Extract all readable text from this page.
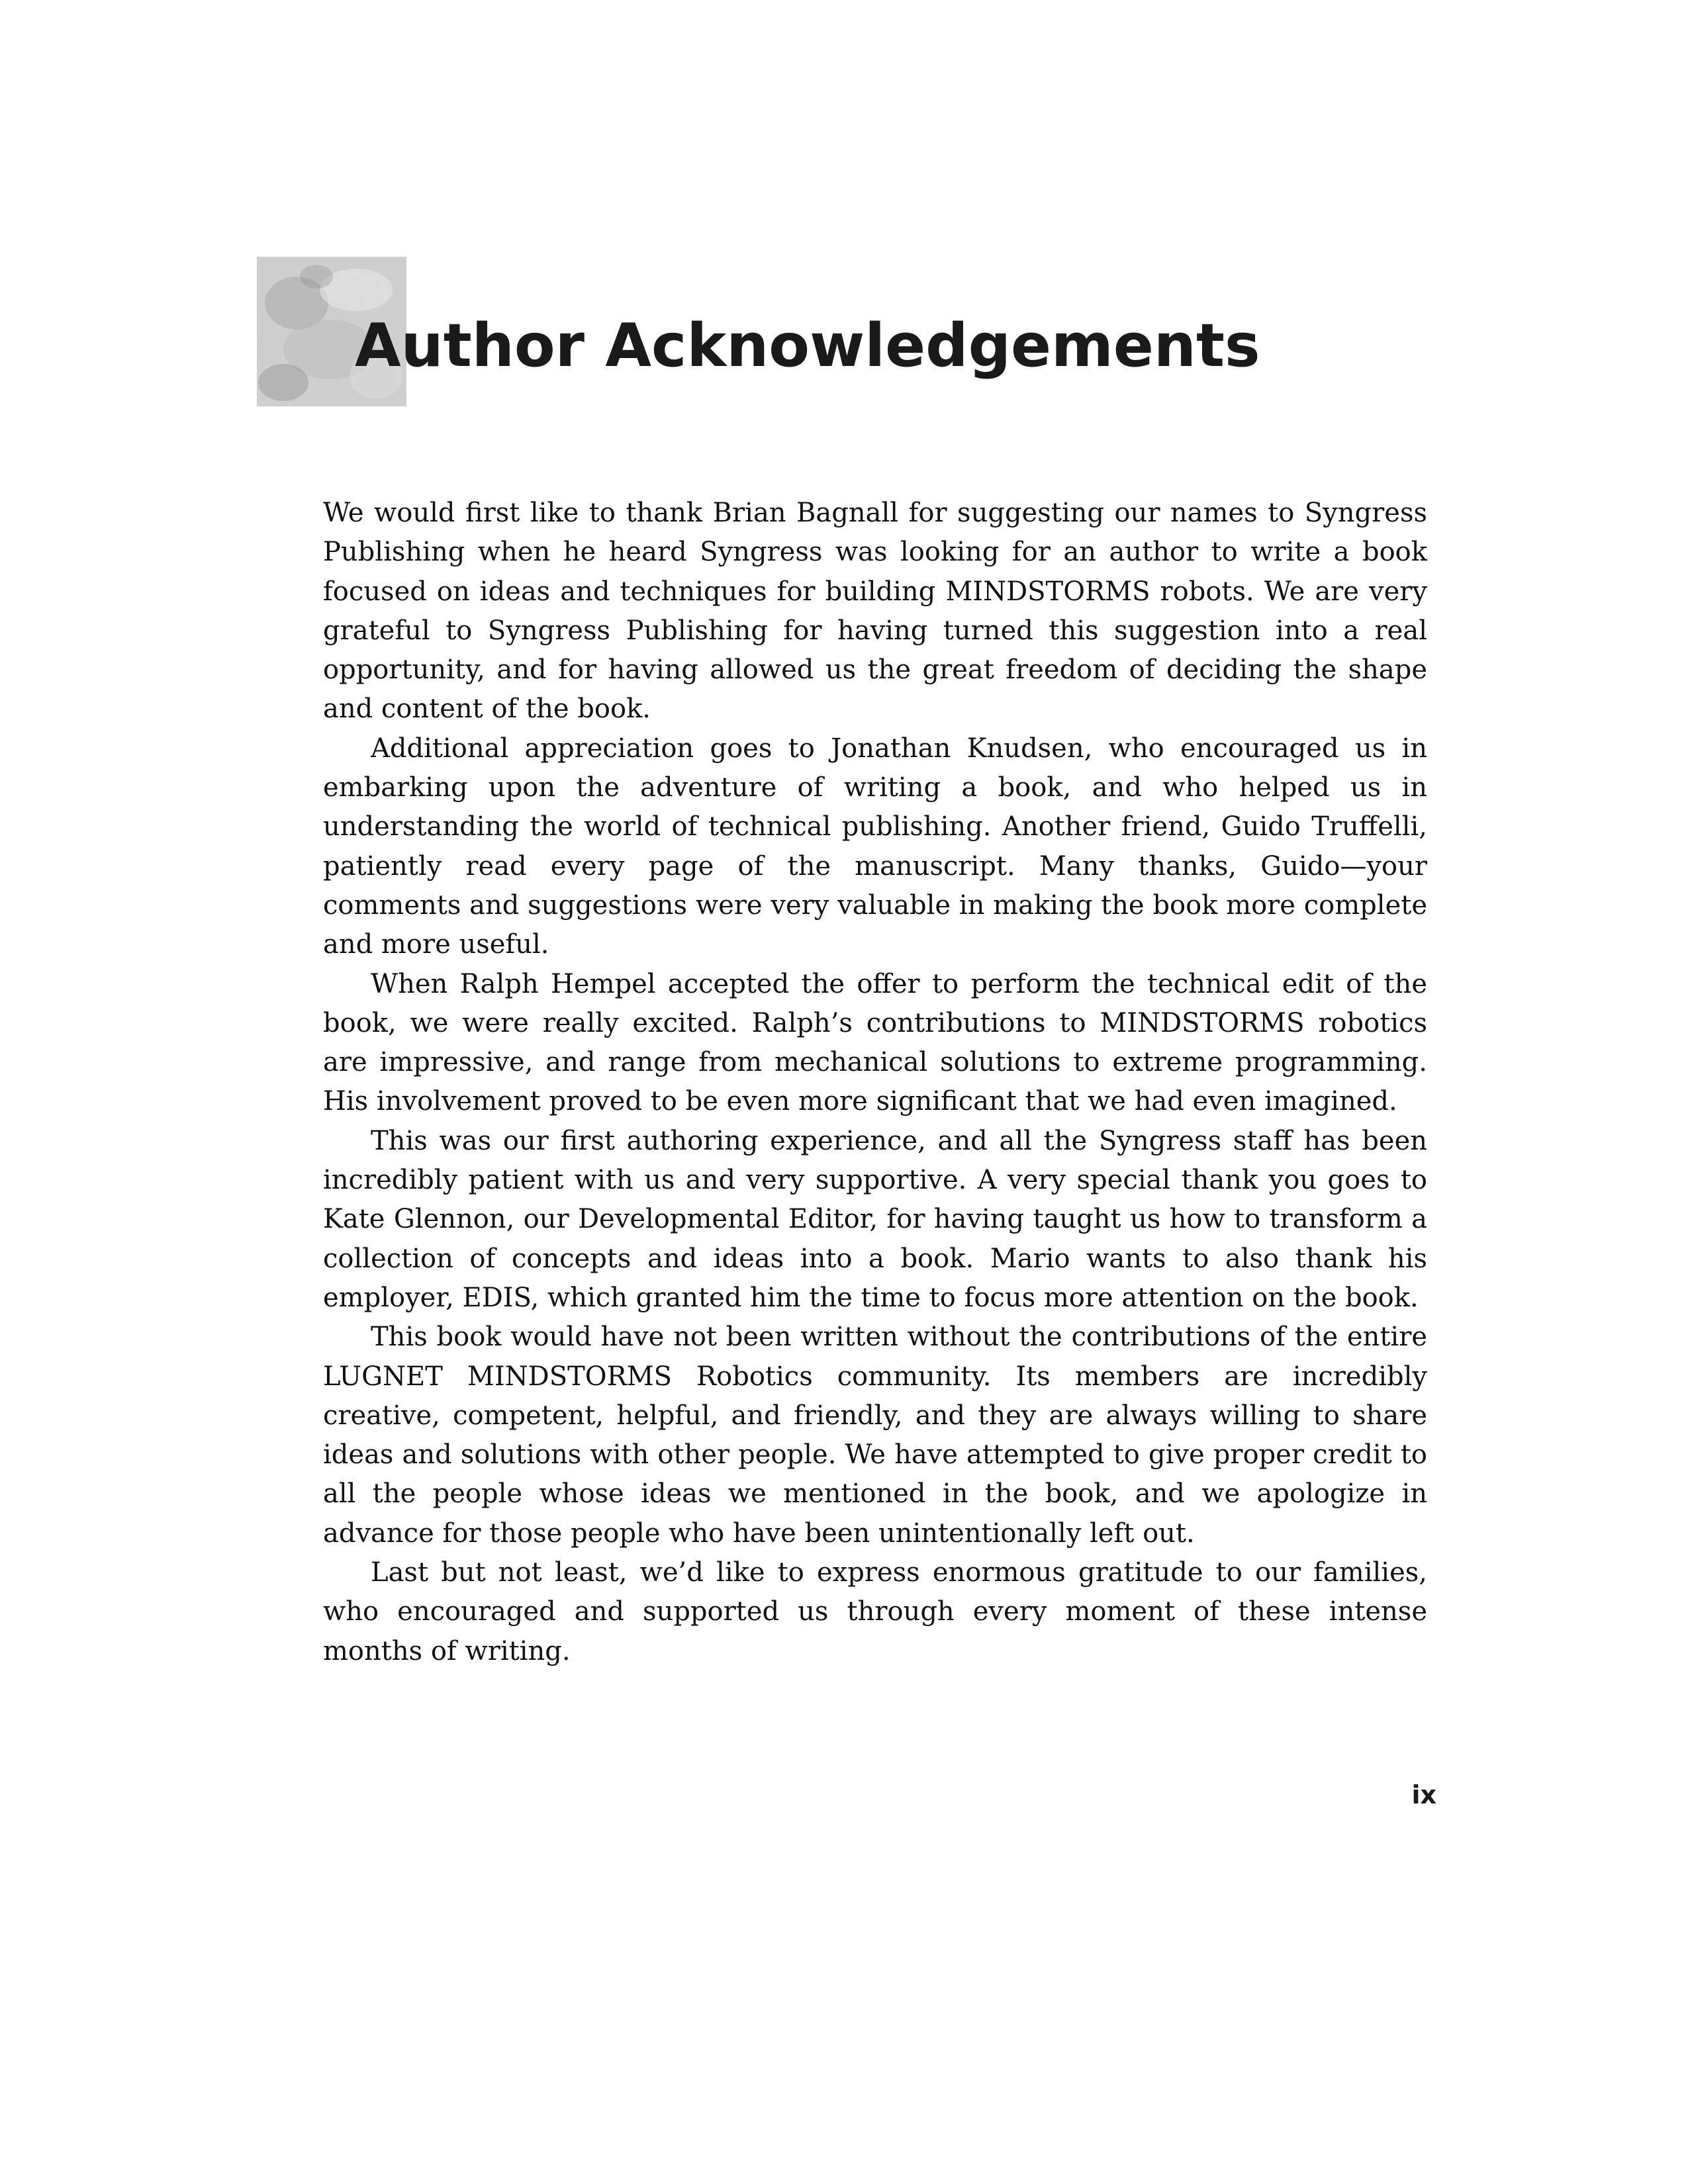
Author Acknowledgements

We would first like to thank Brian Bagnall for suggesting our names to Syngress Publishing when he heard Syngress was looking for an author to write a book focused on ideas and techniques for building MINDSTORMS robots. We are very grateful to Syngress Publishing for having turned this suggestion into a real opportunity, and for having allowed us the great freedom of deciding the shape and content of the book.

Additional appreciation goes to Jonathan Knudsen, who encouraged us in embarking upon the adventure of writing a book, and who helped us in understanding the world of technical publishing. Another friend, Guido Truffelli, patiently read every page of the manuscript. Many thanks, Guido—your comments and suggestions were very valuable in making the book more complete and more useful.

When Ralph Hempel accepted the offer to perform the technical edit of the book, we were really excited. Ralph’s contributions to MINDSTORMS robotics are impressive, and range from mechanical solutions to extreme programming. His involvement proved to be even more significant that we had even imagined.

This was our first authoring experience, and all the Syngress staff has been incredibly patient with us and very supportive. A very special thank you goes to Kate Glennon, our Developmental Editor, for having taught us how to transform a collection of concepts and ideas into a book. Mario wants to also thank his employer, EDIS, which granted him the time to focus more attention on the book.

This book would have not been written without the contributions of the entire LUGNET MINDSTORMS Robotics community. Its members are incredibly creative, competent, helpful, and friendly, and they are always willing to share ideas and solutions with other people. We have attempted to give proper credit to all the people whose ideas we mentioned in the book, and we apologize in advance for those people who have been unintentionally left out.

Last but not least, we’d like to express enormous gratitude to our families, who encouraged and supported us through every moment of these intense months of writing.

ix
